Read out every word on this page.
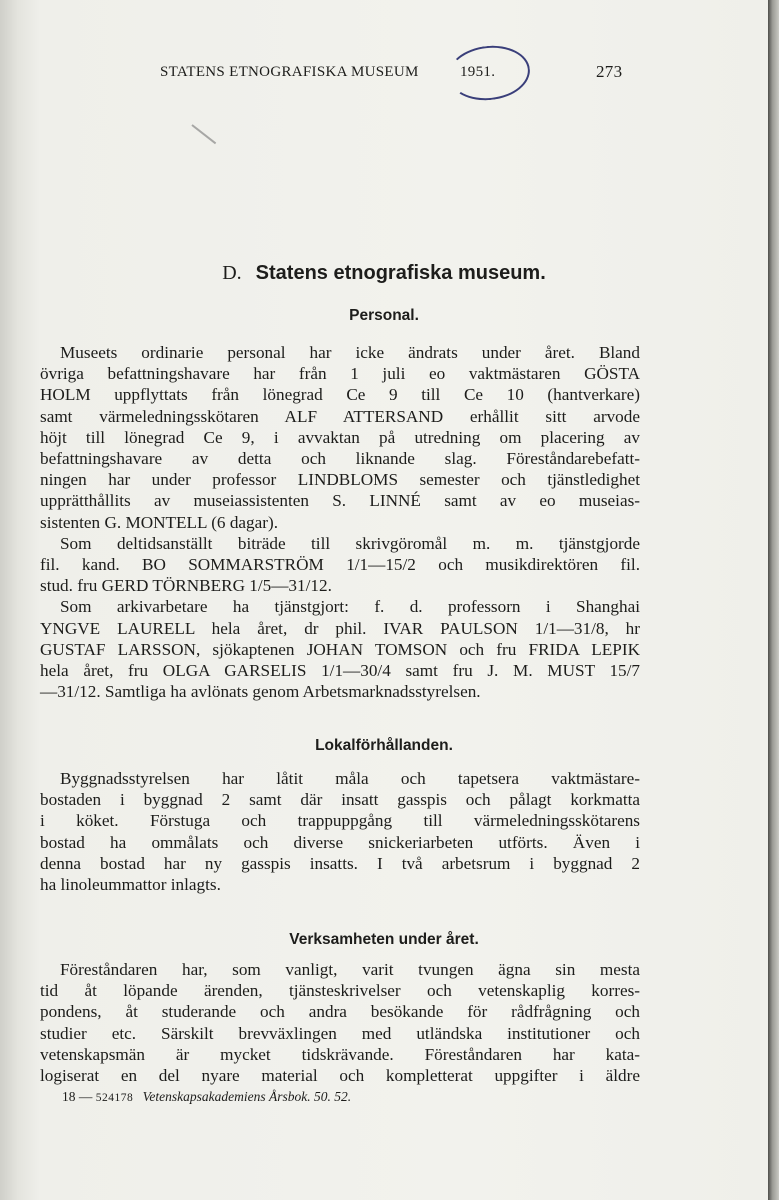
STATENS ETNOGRAFISKA MUSEUM	1951.	273
D. Statens etnografiska museum.
Personal.
Museets ordinarie personal har icke ändrats under året. Bland
övriga befattningshavare har från 1 juli eo vaktmästaren GÖSTA
HOLM uppflyttats från lönegrad Ce 9 till Ce 10 (hantverkare)
samt värmeledningsskötaren ALF ATTERSAND erhållit sitt arvode
höjt till lönegrad Ce 9, i avvaktan på utredning om placering av
befattningshavare av detta och liknande slag. Föreståndarebefatt-
ningen har under professor LINDBLOMS semester och tjänstledighet
upprätthållits av museiassistenten S. LINNÉ samt av eo museias-
sistenten G. MONTELL (6 dagar).
Som deltidsanställt biträde till skrivgöromål m. m. tjänstgjorde
fil. kand. BO SOMMARSTRÖM 1/1—15/2 och musikdirektören fil.
stud. fru GERD TÖRNBERG 1/5—31/12.
Som arkivarbetare ha tjänstgjort: f. d. professorn i Shanghai
YNGVE LAURELL hela året, dr phil. IVAR PAULSON 1/1—31/8, hr
GUSTAF LARSSON, sjökaptenen JOHAN TOMSON och fru FRIDA LEPIK
hela året, fru OLGA GARSELIS 1/1—30/4 samt fru J. M. MUST 15/7
—31/12. Samtliga ha avlönats genom Arbetsmarknadsstyrelsen.
Lokalförhållanden.
Byggnadsstyrelsen har låtit måla och tapetsera vaktmästare-
bostaden i byggnad 2 samt där insatt gasspis och pålagt korkmatta
i köket. Förstuga och trappuppgång till värmeledningsskötarens
bostad ha ommålats och diverse snickeriarbeten utförts. Även i
denna bostad har ny gasspis insatts. I två arbetsrum i byggnad 2
ha linoleummattor inlagts.
Verksamheten under året.
Föreståndaren har, som vanligt, varit tvungen ägna sin mesta
tid åt löpande ärenden, tjänsteskrivelser och vetenskaplig korres-
pondens, åt studerande och andra besökande för rådfrågning och
studier etc. Särskilt brevväxlingen med utländska institutioner och
vetenskapsmän är mycket tidskrävande. Föreståndaren har kata-
logiserat en del nyare material och kompletterat uppgifter i äldre
18 — 524178 Vetenskapsakademiens Årsbok. 50. 52.
